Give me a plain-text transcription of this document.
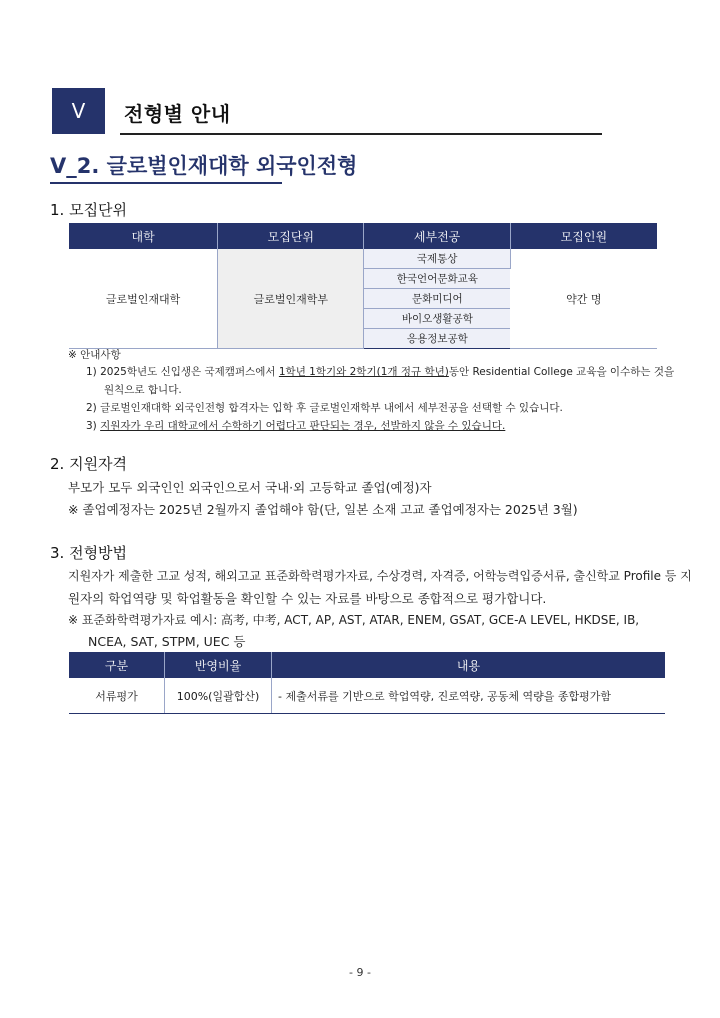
V	전형별 안내
V_2. 글로벌인재대학 외국인전형
1. 모집단위
대학	모집단위	세부전공	모집인원
글로벌인재대학	글로벌인재학부	국제통상	약간 명
		한국언어문화교육	
		문화미디어	
		바이오생활공학	
		응용정보공학	
※ 안내사항
1) 2025학년도 신입생은 국제캠퍼스에서 1학년 1학기와 2학기(1개 정규 학년)동안 Residential College 교육을 이수하는 것을
원칙으로 합니다.
2) 글로벌인재대학 외국인전형 합격자는 입학 후 글로벌인재학부 내에서 세부전공을 선택할 수 있습니다.
3) 지원자가 우리 대학교에서 수학하기 어렵다고 판단되는 경우, 선발하지 않을 수 있습니다.
2. 지원자격
부모가 모두 외국인인 외국인으로서 국내·외 고등학교 졸업(예정)자
※ 졸업예정자는 2025년 2월까지 졸업해야 함(단, 일본 소재 고교 졸업예정자는 2025년 3월)
3. 전형방법
지원자가 제출한 고교 성적, 해외고교 표준화학력평가자료, 수상경력, 자격증, 어학능력입증서류, 출신학교 Profile 등 지
원자의 학업역량 및 학업활동을 확인할 수 있는 자료를 바탕으로 종합적으로 평가합니다.
※ 표준화학력평가자료 예시: 高考, 中考, ACT, AP, AST, ATAR, ENEM, GSAT, GCE-A LEVEL, HKDSE, IB,
NCEA, SAT, STPM, UEC 등
구분	반영비율	내용
서류평가	100%(일괄합산)	- 제출서류를 기반으로 학업역량, 진로역량, 공동체 역량을 종합평가함
- 9 -
